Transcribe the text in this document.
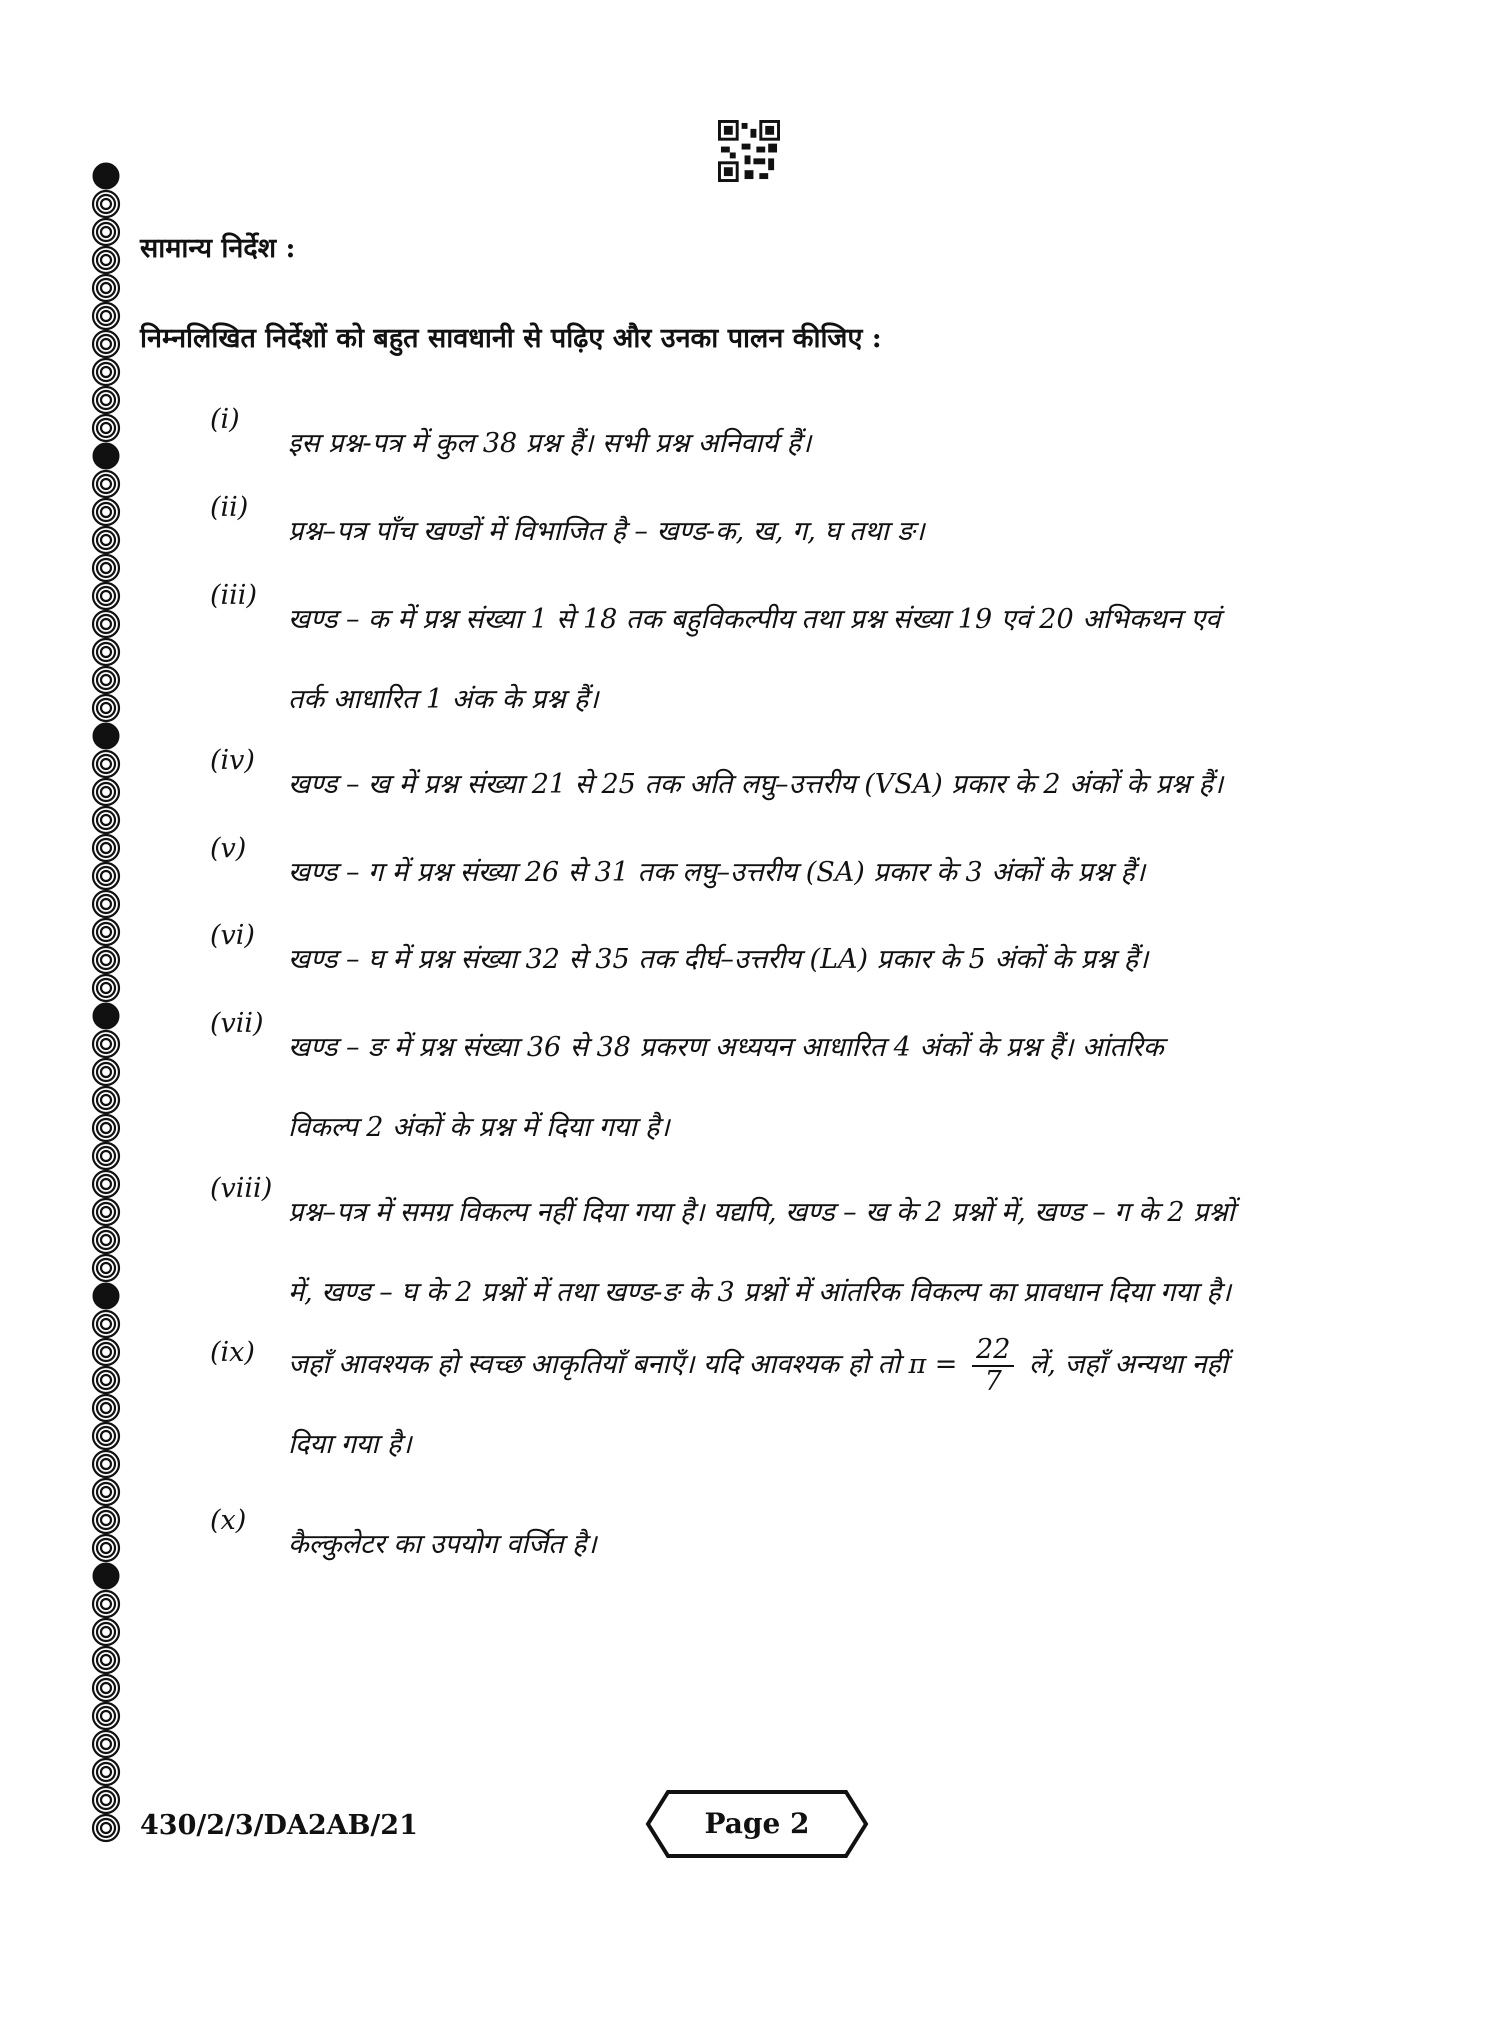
सामान्य निर्देश :
निम्नलिखित निर्देशों को बहुत सावधानी से पढ़िए और उनका पालन कीजिए :
(i)

इस प्रश्न-पत्र में कुल 38 प्रश्न हैं। सभी प्रश्न अनिवार्य हैं।

(ii)

प्रश्न–पत्र पाँच खण्डों में विभाजित है – खण्ड-क, ख, ग, घ तथा ङ।

(iii)

खण्ड – क में प्रश्न संख्या 1 से 18 तक बहुविकल्पीय तथा प्रश्न संख्या 19 एवं 20 अभिकथन एवं

तर्क आधारित 1 अंक के प्रश्न हैं।

(iv)

खण्ड – ख में प्रश्न संख्या 21 से 25 तक अति लघु–उत्तरीय (VSA) प्रकार के 2 अंकों के प्रश्न हैं।

(v)

खण्ड – ग में प्रश्न संख्या 26 से 31 तक लघु–उत्तरीय (SA) प्रकार के 3 अंकों के प्रश्न हैं।

(vi)

खण्ड – घ में प्रश्न संख्या 32 से 35 तक दीर्घ–उत्तरीय (LA) प्रकार के 5 अंकों के प्रश्न हैं।

(vii)

खण्ड – ङ में प्रश्न संख्या 36 से 38 प्रकरण अध्ययन आधारित 4 अंकों के प्रश्न हैं। आंतरिक

विकल्प 2 अंकों के प्रश्न में दिया गया है।

(viii)

प्रश्न–पत्र में समग्र विकल्प नहीं दिया गया है। यद्यपि, खण्ड – ख के 2 प्रश्नों में, खण्ड – ग के 2 प्रश्नों

में, खण्ड – घ के 2 प्रश्नों में तथा खण्ड-ङ के 3 प्रश्नों में आंतरिक विकल्प का प्रावधान दिया गया है।

(ix) जहाँ आवश्यक हो स्वच्छ आकृतियाँ बनाएँ। यदि आवश्यक हो तो $\pi = \frac{22}{7}$ लें, जहाँ अन्यथा नहीं

दिया गया है।

(x)

कैल्कुलेटर का उपयोग वर्जित है।

430/2/3/DA2AB/21	Page 2
